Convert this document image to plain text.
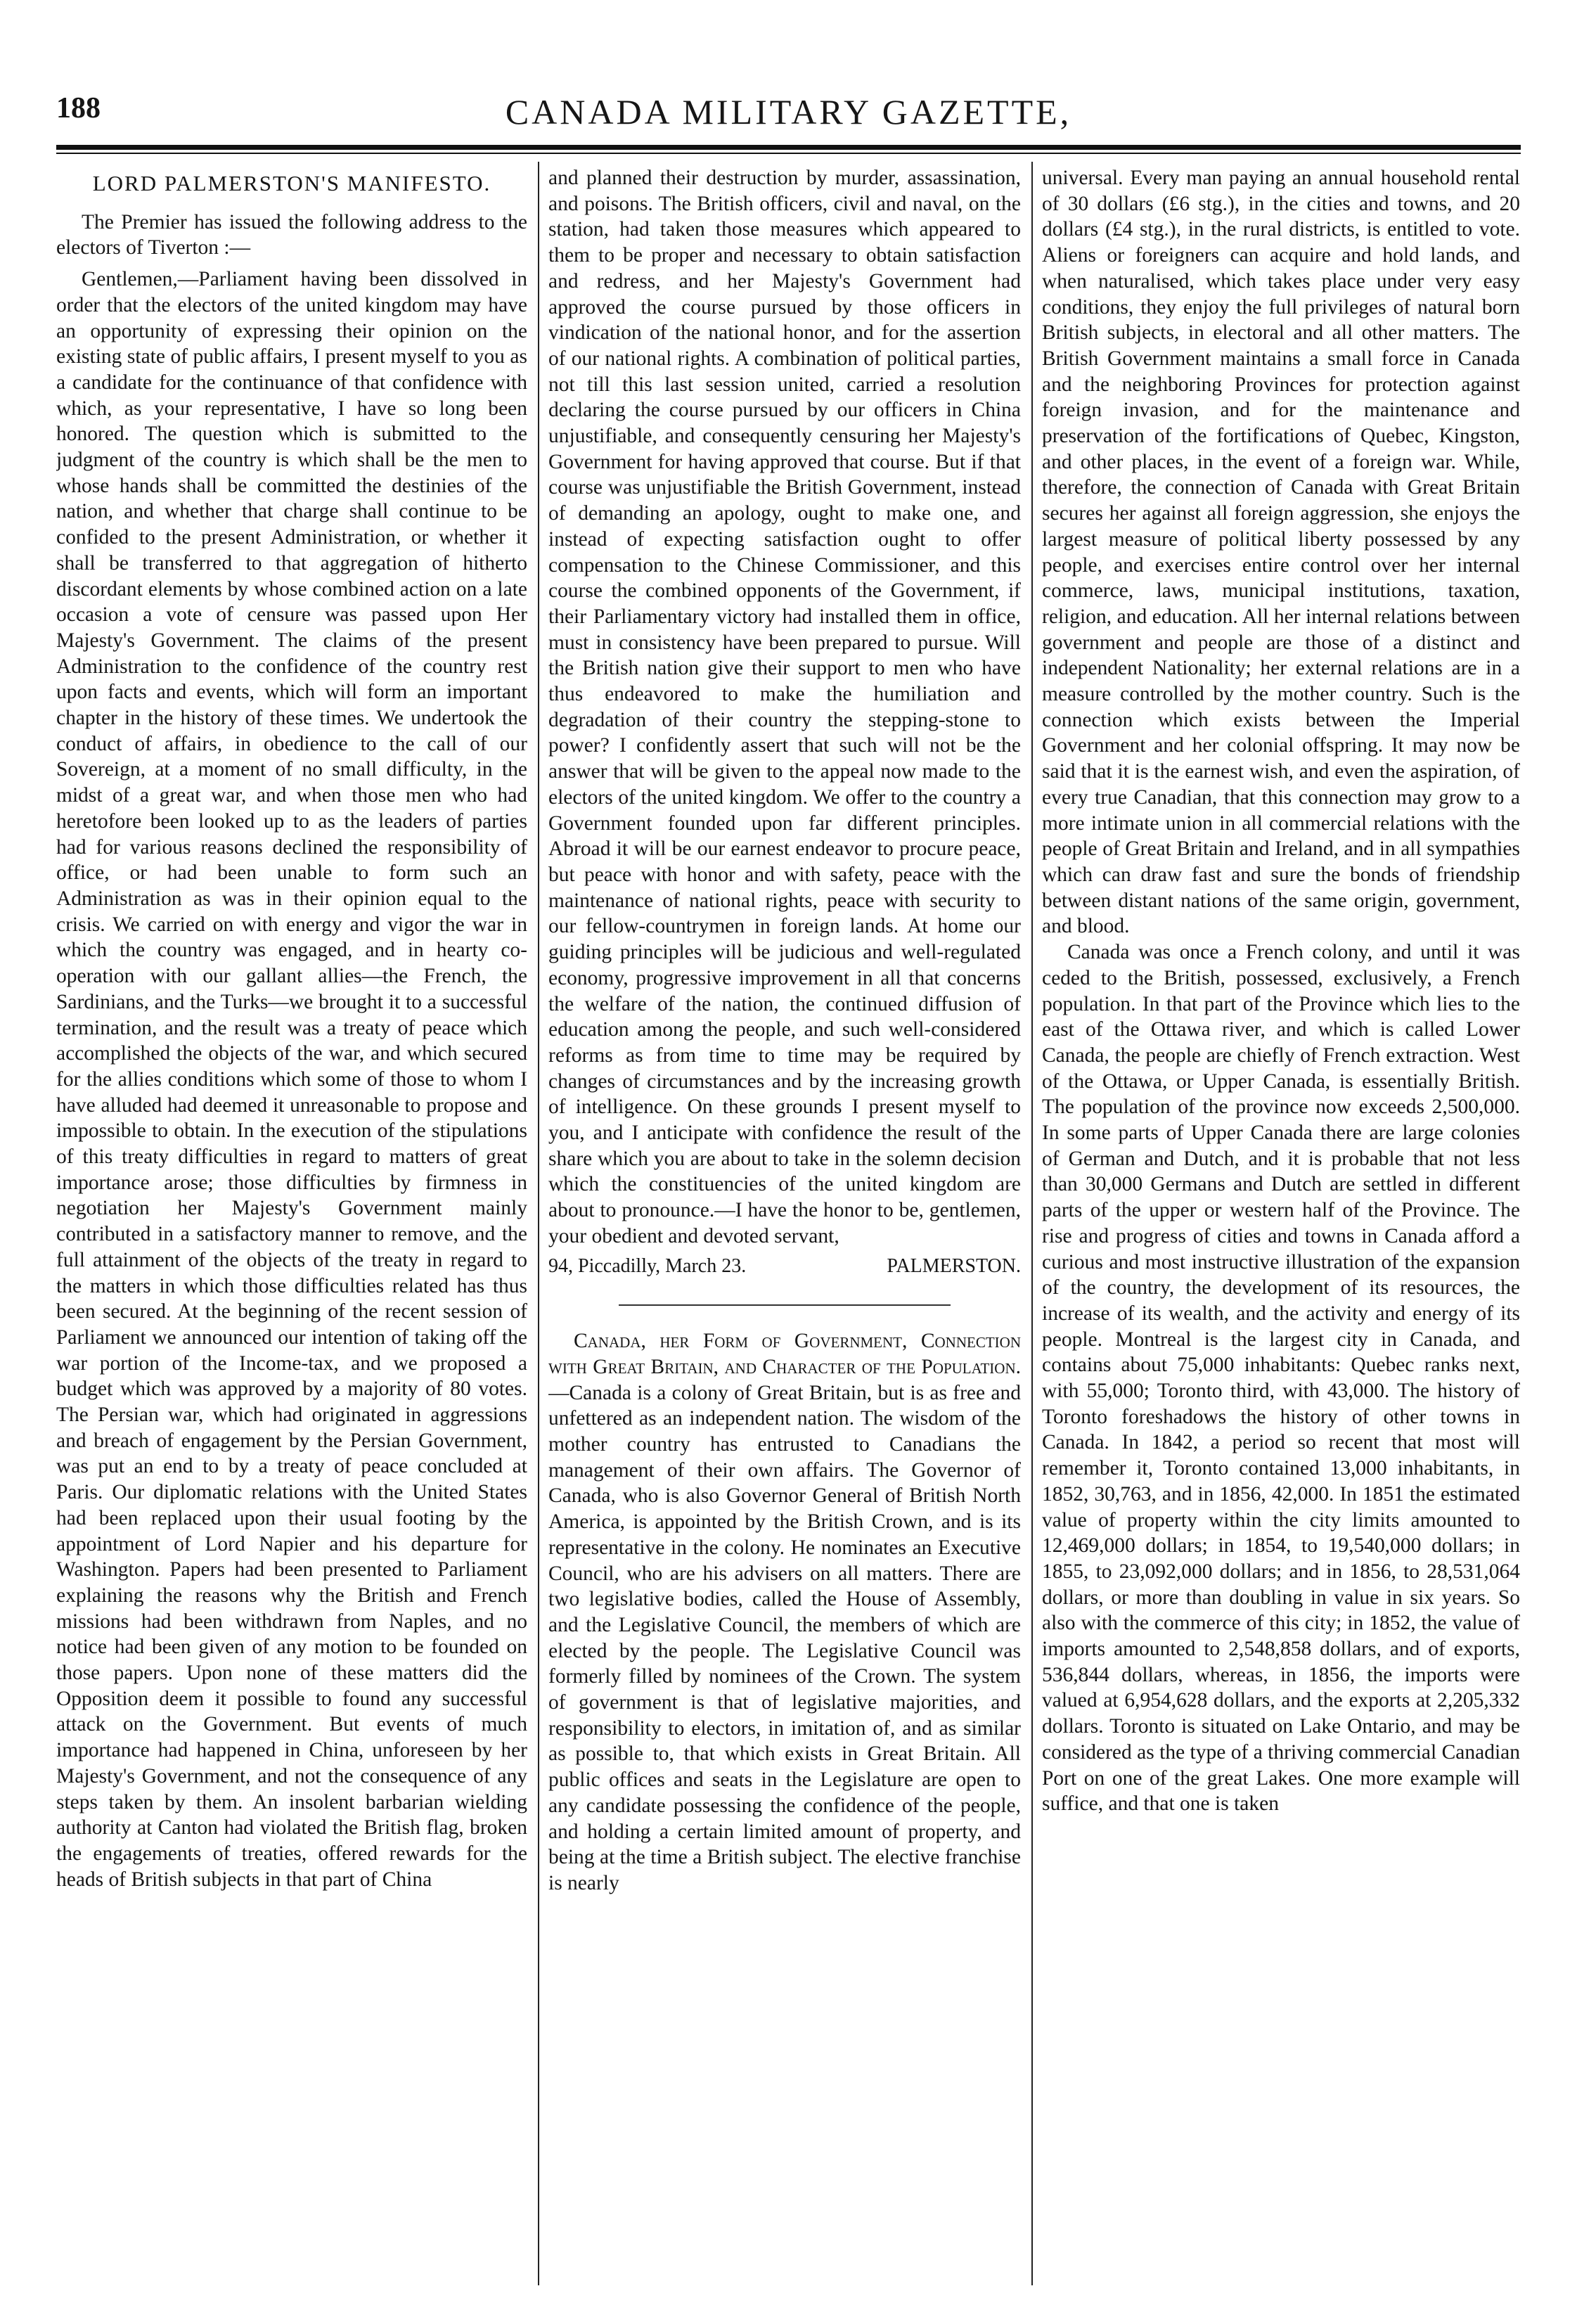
188	CANADA MILITARY GAZETTE,
LORD PALMERSTON'S MANIFESTO.

The Premier has issued the following address to the electors of Tiverton :—

Gentlemen,—Parliament having been dissolved in order that the electors of the united kingdom may have an opportunity of expressing their opinion on the existing state of public affairs, I present myself to you as a candidate for the continuance of that confidence with which, as your representative, I have so long been honored. The question which is submitted to the judgment of the country is which shall be the men to whose hands shall be committed the destinies of the nation, and whether that charge shall continue to be confided to the present Administration, or whether it shall be transferred to that aggregation of hitherto discordant elements by whose combined action on a late occasion a vote of censure was passed upon Her Majesty's Government. The claims of the present Administration to the confidence of the country rest upon facts and events, which will form an important chapter in the history of these times. We undertook the conduct of affairs, in obedience to the call of our Sovereign, at a moment of no small difficulty, in the midst of a great war, and when those men who had heretofore been looked up to as the leaders of parties had for various reasons declined the responsibility of office, or had been unable to form such an Administration as was in their opinion equal to the crisis. We carried on with energy and vigor the war in which the country was engaged, and in hearty co-operation with our gallant allies—the French, the Sardinians, and the Turks—we brought it to a successful termination, and the result was a treaty of peace which accomplished the objects of the war, and which secured for the allies conditions which some of those to whom I have alluded had deemed it unreasonable to propose and impossible to obtain. In the execution of the stipulations of this treaty difficulties in regard to matters of great importance arose; those difficulties by firmness in negotiation her Majesty's Government mainly contributed in a satisfactory manner to remove, and the full attainment of the objects of the treaty in regard to the matters in which those difficulties related has thus been secured. At the beginning of the recent session of Parliament we announced our intention of taking off the war portion of the Income-tax, and we proposed a budget which was approved by a majority of 80 votes. The Persian war, which had originated in aggressions and breach of engagement by the Persian Government, was put an end to by a treaty of peace concluded at Paris. Our diplomatic relations with the United States had been replaced upon their usual footing by the appointment of Lord Napier and his departure for Washington. Papers had been presented to Parliament explaining the reasons why the British and French missions had been withdrawn from Naples, and no notice had been given of any motion to be founded on those papers. Upon none of these matters did the Opposition deem it possible to found any successful attack on the Government. But events of much importance had happened in China, unforeseen by her Majesty's Government, and not the consequence of any steps taken by them. An insolent barbarian wielding authority at Canton had violated the British flag, broken the engagements of treaties, offered rewards for the heads of British subjects in that part of China

and planned their destruction by murder, assassination, and poisons. The British officers, civil and naval, on the station, had taken those measures which appeared to them to be proper and necessary to obtain satisfaction and redress, and her Majesty's Government had approved the course pursued by those officers in vindication of the national honor, and for the assertion of our national rights. A combination of political parties, not till this last session united, carried a resolution declaring the course pursued by our officers in China unjustifiable, and consequently censuring her Majesty's Government for having approved that course. But if that course was unjustifiable the British Government, instead of demanding an apology, ought to make one, and instead of expecting satisfaction ought to offer compensation to the Chinese Commissioner, and this course the combined opponents of the Government, if their Parliamentary victory had installed them in office, must in consistency have been prepared to pursue. Will the British nation give their support to men who have thus endeavored to make the humiliation and degradation of their country the stepping-stone to power? I confidently assert that such will not be the answer that will be given to the appeal now made to the electors of the united kingdom. We offer to the country a Government founded upon far different principles. Abroad it will be our earnest endeavor to procure peace, but peace with honor and with safety, peace with the maintenance of national rights, peace with security to our fellow-countrymen in foreign lands. At home our guiding principles will be judicious and well-regulated economy, progressive improvement in all that concerns the welfare of the nation, the continued diffusion of education among the people, and such well-considered reforms as from time to time may be required by changes of circumstances and by the increasing growth of intelligence. On these grounds I present myself to you, and I anticipate with confidence the result of the share which you are about to take in the solemn decision which the constituencies of the united kingdom are about to pronounce.—I have the honor to be, gentlemen, your obedient and devoted servant,

94, Piccadilly, March 23.	PALMERSTON.

Canada, her Form of Government, Connection with Great Britain, and Character of the Population.—Canada is a colony of Great Britain, but is as free and unfettered as an independent nation. The wisdom of the mother country has entrusted to Canadians the management of their own affairs. The Governor of Canada, who is also Governor General of British North America, is appointed by the British Crown, and is its representative in the colony. He nominates an Executive Council, who are his advisers on all matters. There are two legislative bodies, called the House of Assembly, and the Legislative Council, the members of which are elected by the people. The Legislative Council was formerly filled by nominees of the Crown. The system of government is that of legislative majorities, and responsibility to electors, in imitation of, and as similar as possible to, that which exists in Great Britain. All public offices and seats in the Legislature are open to any candidate possessing the confidence of the people, and holding a certain limited amount of property, and being at the time a British subject. The elective franchise is nearly

universal. Every man paying an annual household rental of 30 dollars (£6 stg.), in the cities and towns, and 20 dollars (£4 stg.), in the rural districts, is entitled to vote. Aliens or foreigners can acquire and hold lands, and when naturalised, which takes place under very easy conditions, they enjoy the full privileges of natural born British subjects, in electoral and all other matters. The British Government maintains a small force in Canada and the neighboring Provinces for protection against foreign invasion, and for the maintenance and preservation of the fortifications of Quebec, Kingston, and other places, in the event of a foreign war. While, therefore, the connection of Canada with Great Britain secures her against all foreign aggression, she enjoys the largest measure of political liberty possessed by any people, and exercises entire control over her internal commerce, laws, municipal institutions, taxation, religion, and education. All her internal relations between government and people are those of a distinct and independent Nationality; her external relations are in a measure controlled by the mother country. Such is the connection which exists between the Imperial Government and her colonial offspring. It may now be said that it is the earnest wish, and even the aspiration, of every true Canadian, that this connection may grow to a more intimate union in all commercial relations with the people of Great Britain and Ireland, and in all sympathies which can draw fast and sure the bonds of friendship between distant nations of the same origin, government, and blood.

Canada was once a French colony, and until it was ceded to the British, possessed, exclusively, a French population. In that part of the Province which lies to the east of the Ottawa river, and which is called Lower Canada, the people are chiefly of French extraction. West of the Ottawa, or Upper Canada, is essentially British. The population of the province now exceeds 2,500,000. In some parts of Upper Canada there are large colonies of German and Dutch, and it is probable that not less than 30,000 Germans and Dutch are settled in different parts of the upper or western half of the Province. The rise and progress of cities and towns in Canada afford a curious and most instructive illustration of the expansion of the country, the development of its resources, the increase of its wealth, and the activity and energy of its people. Montreal is the largest city in Canada, and contains about 75,000 inhabitants: Quebec ranks next, with 55,000; Toronto third, with 43,000. The history of Toronto foreshadows the history of other towns in Canada. In 1842, a period so recent that most will remember it, Toronto contained 13,000 inhabitants, in 1852, 30,763, and in 1856, 42,000. In 1851 the estimated value of property within the city limits amounted to 12,469,000 dollars; in 1854, to 19,540,000 dollars; in 1855, to 23,092,000 dollars; and in 1856, to 28,531,064 dollars, or more than doubling in value in six years. So also with the commerce of this city; in 1852, the value of imports amounted to 2,548,858 dollars, and of exports, 536,844 dollars, whereas, in 1856, the imports were valued at 6,954,628 dollars, and the exports at 2,205,332 dollars. Toronto is situated on Lake Ontario, and may be considered as the type of a thriving commercial Canadian Port on one of the great Lakes. One more example will suffice, and that one is taken
